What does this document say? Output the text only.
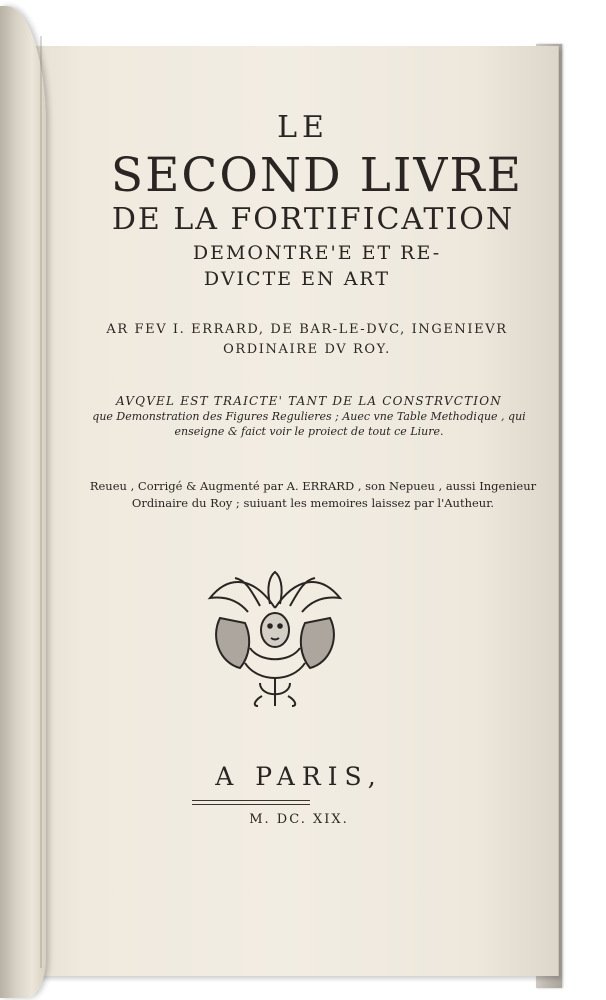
LE
SECOND LIVRE
DE LA FORTIFICATION
DEMONTRE'E ET RE-
DVICTE EN ART
AR FEV I. ERRARD, DE BAR-LE-DVC, INGENIEVR
ORDINAIRE DV ROY.
AVQVEL EST TRAICTE' TANT DE LA CONSTRVCTION
que Demonstration des Figures Regulieres ; Auec vne Table Methodique , qui
enseigne & faict voir le proiect de tout ce Liure.
Reueu , Corrigé & Augmenté par A. ERRARD , son Nepueu , aussi Ingenieur
Ordinaire du Roy ; suiuant les memoires laissez par l'Autheur.
A PARIS,
M. DC. XIX.
